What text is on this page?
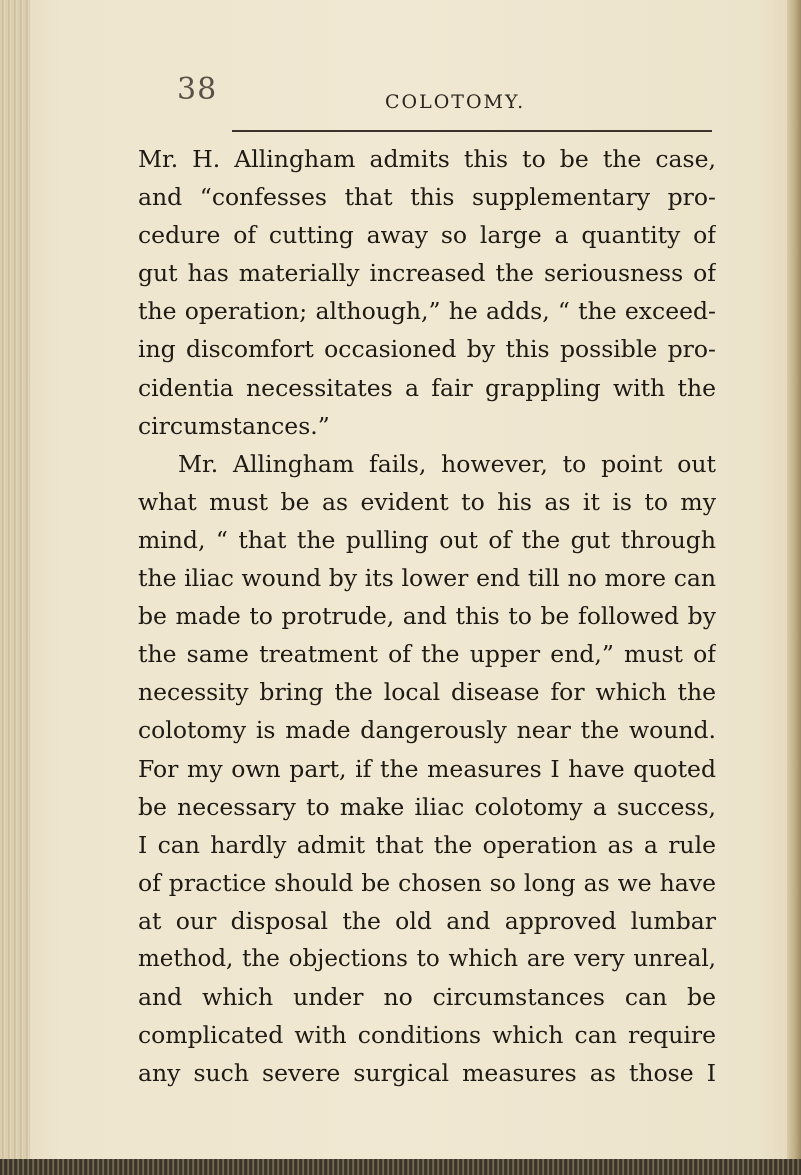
38	COLOTOMY.
Mr. H. Allingham admits this to be the case,
and “confesses that this supplementary pro-
cedure of cutting away so large a quantity of
gut has materially increased the seriousness of
the operation; although,” he adds, “ the exceed-
ing discomfort occasioned by this possible pro-
cidentia necessitates a fair grappling with the
circumstances.”
Mr. Allingham fails, however, to point out
what must be as evident to his as it is to my
mind, “ that the pulling out of the gut through
the iliac wound by its lower end till no more can
be made to protrude, and this to be followed by
the same treatment of the upper end,” must of
necessity bring the local disease for which the
colotomy is made dangerously near the wound.
For my own part, if the measures I have quoted
be necessary to make iliac colotomy a success,
I can hardly admit that the operation as a rule
of practice should be chosen so long as we have
at our disposal the old and approved lumbar
method, the objections to which are very unreal,
and which under no circumstances can be
complicated with conditions which can require
any such severe surgical measures as those I
